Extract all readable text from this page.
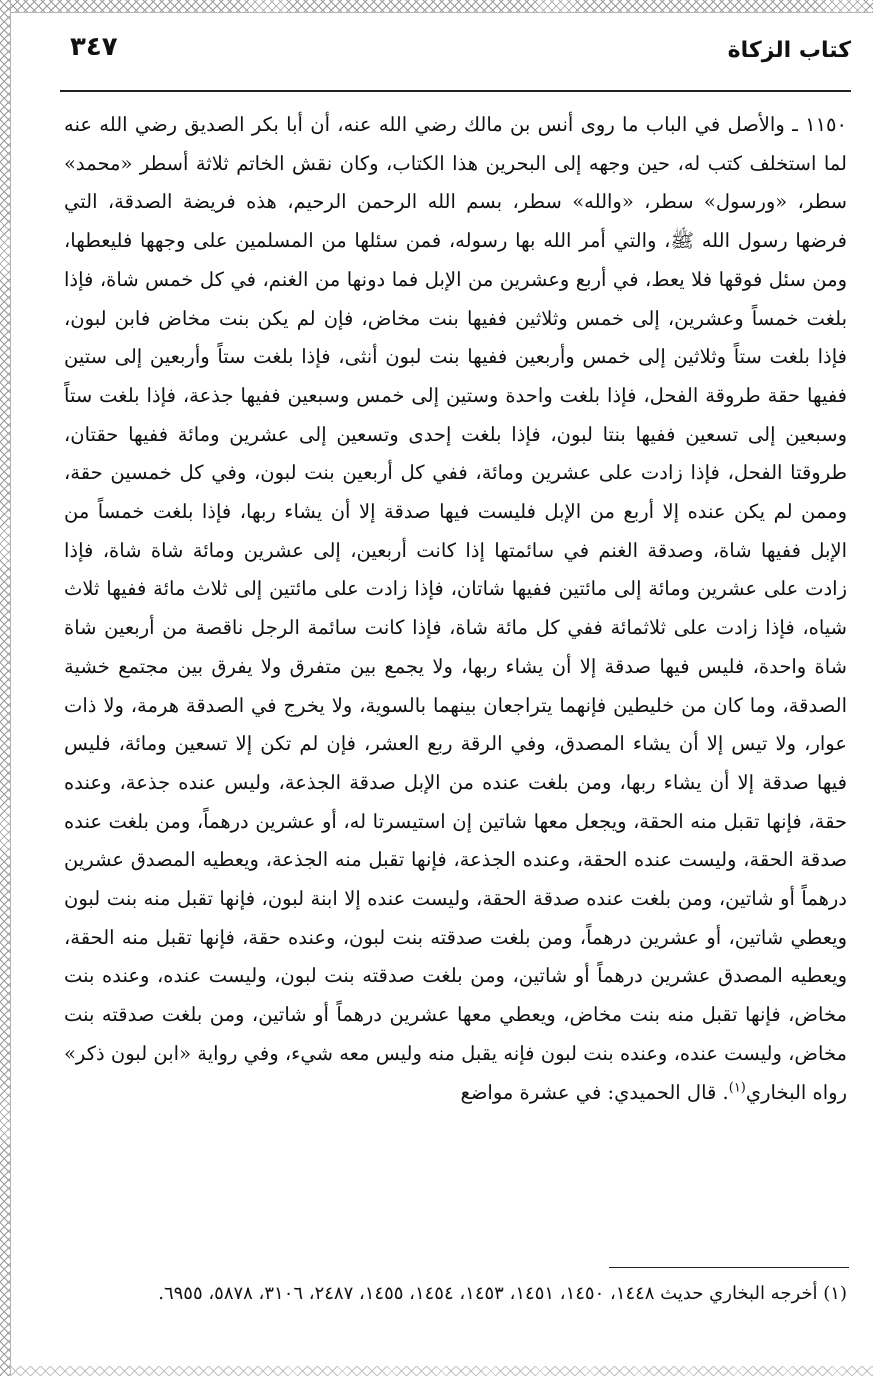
كتاب الزكاة
٣٤٧

١١٥٠ ـ والأصل في الباب ما روى أنس بن مالك رضي الله عنه، أن أبا بكر الصديق رضي الله عنه لما استخلف كتب له، حين وجهه إلى البحرين هذا الكتاب، وكان نقش الخاتم ثلاثة أسطر «محمد» سطر، «ورسول» سطر، «والله» سطر، بسم الله الرحمن الرحيم، هذه فريضة الصدقة، التي فرضها رسول الله ﷺ، والتي أمر الله بها رسوله، فمن سئلها من المسلمين على وجهها فليعطها، ومن سئل فوقها فلا يعط، في أربع وعشرين من الإبل فما دونها من الغنم، في كل خمس شاة، فإذا بلغت خمساً وعشرين، إلى خمس وثلاثين ففيها بنت مخاض، فإن لم يكن بنت مخاض فابن لبون، فإذا بلغت ستاً وثلاثين إلى خمس وأربعين ففيها بنت لبون أنثى، فإذا بلغت ستاً وأربعين إلى ستين ففيها حقة طروقة الفحل، فإذا بلغت واحدة وستين إلى خمس وسبعين ففيها جذعة، فإذا بلغت ستاً وسبعين إلى تسعين ففيها بنتا لبون، فإذا بلغت إحدى وتسعين إلى عشرين ومائة ففيها حقتان، طروقتا الفحل، فإذا زادت على عشرين ومائة، ففي كل أربعين بنت لبون، وفي كل خمسين حقة، وممن لم يكن عنده إلا أربع من الإبل فليست فيها صدقة إلا أن يشاء ربها، فإذا بلغت خمساً من الإبل ففيها شاة، وصدقة الغنم في سائمتها إذا كانت أربعين، إلى عشرين ومائة شاة شاة، فإذا زادت على عشرين ومائة إلى مائتين ففيها شاتان، فإذا زادت على مائتين إلى ثلاث مائة ففيها ثلاث شياه، فإذا زادت على ثلاثمائة ففي كل مائة شاة، فإذا كانت سائمة الرجل ناقصة من أربعين شاة شاة واحدة، فليس فيها صدقة إلا أن يشاء ربها، ولا يجمع بين متفرق ولا يفرق بين مجتمع خشية الصدقة، وما كان من خليطين فإنهما يتراجعان بينهما بالسوية، ولا يخرج في الصدقة هرمة، ولا ذات عوار، ولا تيس إلا أن يشاء المصدق، وفي الرقة ربع العشر، فإن لم تكن إلا تسعين ومائة، فليس فيها صدقة إلا أن يشاء ربها، ومن بلغت عنده من الإبل صدقة الجذعة، وليس عنده جذعة، وعنده حقة، فإنها تقبل منه الحقة، ويجعل معها شاتين إن استيسرتا له، أو عشرين درهماً، ومن بلغت عنده صدقة الحقة، وليست عنده الحقة، وعنده الجذعة، فإنها تقبل منه الجذعة، ويعطيه المصدق عشرين درهماً أو شاتين، ومن بلغت عنده صدقة الحقة، وليست عنده إلا ابنة لبون، فإنها تقبل منه بنت لبون ويعطي شاتين، أو عشرين درهماً، ومن بلغت صدقته بنت لبون، وعنده حقة، فإنها تقبل منه الحقة، ويعطيه المصدق عشرين درهماً أو شاتين، ومن بلغت صدقته بنت لبون، وليست عنده، وعنده بنت مخاض، فإنها تقبل منه بنت مخاض، ويعطي معها عشرين درهماً أو شاتين، ومن بلغت صدقته بنت مخاض، وليست عنده، وعنده بنت لبون فإنه يقبل منه وليس معه شيء، وفي رواية «ابن لبون ذكر» رواه البخاري$^{(١)}$. قال الحميدي: في عشرة مواضع

(١) أخرجه البخاري حديث ١٤٤٨، ١٤٥٠، ١٤٥١، ١٤٥٣، ١٤٥٤، ١٤٥٥، ٢٤٨٧، ٣١٠٦، ٥٨٧٨، ٦٩٥٥.
